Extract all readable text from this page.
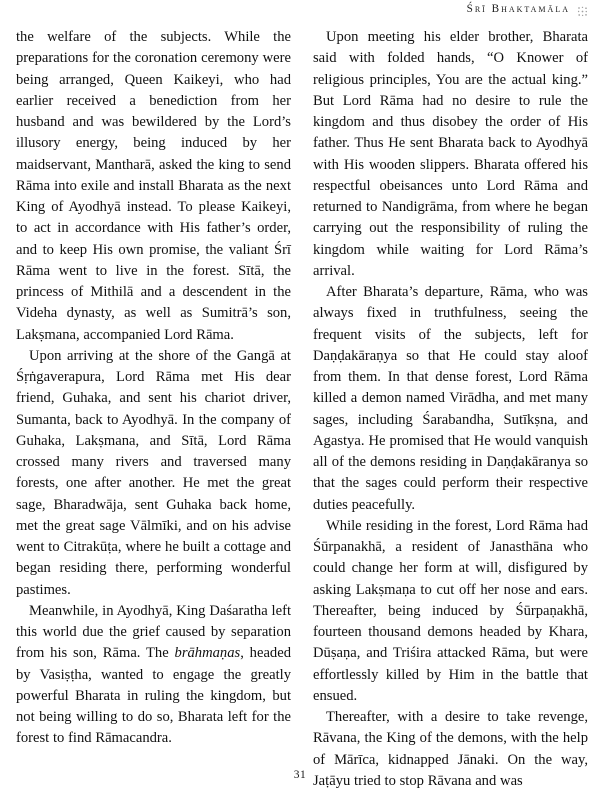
Śrī Bhaktamāla

the welfare of the subjects. While the preparations for the coronation ceremony were being arranged, Queen Kaikeyi, who had earlier received a benediction from her husband and was bewildered by the Lord’s illusory energy, being induced by her maidservant, Mantharā, asked the king to send Rāma into exile and install Bharata as the next King of Ayodhyā instead. To please Kaikeyi, to act in accordance with His father’s order, and to keep His own promise, the valiant Śrī Rāma went to live in the forest. Sītā, the princess of Mithilā and a descendent in the Videha dynasty, as well as Sumitrā’s son, Lakṣmana, accompanied Lord Rāma.

Upon arriving at the shore of the Gangā at Śṛṅgaverapura, Lord Rāma met His dear friend, Guhaka, and sent his chariot driver, Sumanta, back to Ayodhyā. In the company of Guhaka, Lakṣmana, and Sītā, Lord Rāma crossed many rivers and traversed many forests, one after another. He met the great sage, Bharadwāja, sent Guhaka back home, met the great sage Vālmīki, and on his advise went to Citrakūṭa, where he built a cottage and began residing there, performing wonderful pastimes.

Meanwhile, in Ayodhyā, King Daśaratha left this world due the grief caused by separation from his son, Rāma. The brāhmaṇas, headed by Vasiṣṭha, wanted to engage the greatly powerful Bharata in ruling the kingdom, but not being willing to do so, Bharata left for the forest to find Rāmacandra.

Upon meeting his elder brother, Bharata said with folded hands, “O Knower of religious principles, You are the actual king.” But Lord Rāma had no desire to rule the kingdom and thus disobey the order of His father. Thus He sent Bharata back to Ayodhyā with His wooden slippers. Bharata offered his respectful obeisances unto Lord Rāma and returned to Nandigrāma, from where he began carrying out the responsibility of ruling the kingdom while waiting for Lord Rāma’s arrival.

After Bharata’s departure, Rāma, who was always fixed in truthfulness, seeing the frequent visits of the subjects, left for Daṇḍakāraṇya so that He could stay aloof from them. In that dense forest, Lord Rāma killed a demon named Virādha, and met many sages, including Śarabandha, Sutīkṣna, and Agastya. He promised that He would vanquish all of the demons residing in Daṇḍakāranya so that the sages could perform their respective duties peacefully.

While residing in the forest, Lord Rāma had Śūrpanakhā, a resident of Janasthāna who could change her form at will, disfigured by asking Lakṣmaṇa to cut off her nose and ears. Thereafter, being induced by Śūrpaṇakhā, fourteen thousand demons headed by Khara, Dūṣaṇa, and Triśira attacked Rāma, but were effortlessly killed by Him in the battle that ensued.

Thereafter, with a desire to take revenge, Rāvana, the King of the demons, with the help of Mārīca, kidnapped Jānaki. On the way, Jaṭāyu tried to stop Rāvana and was

31
